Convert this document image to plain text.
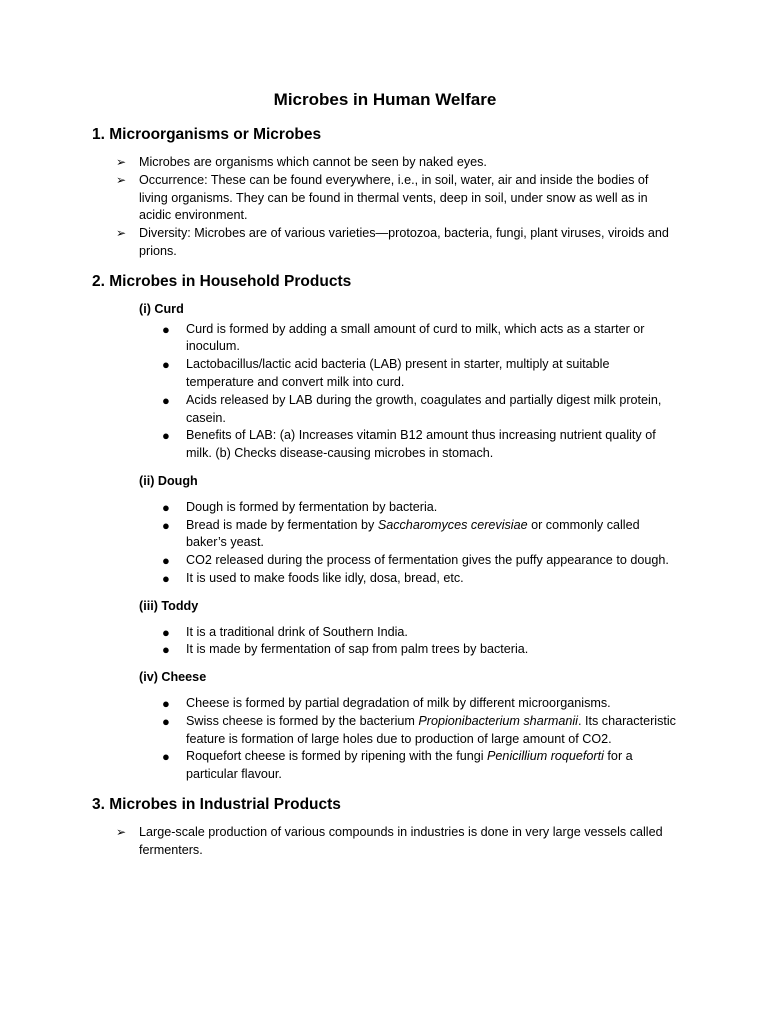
Microbes in Human Welfare
1. Microorganisms or Microbes
➢ Microbes are organisms which cannot be seen by naked eyes.
➢ Occurrence: These can be found everywhere, i.e., in soil, water, air and inside the bodies of living organisms. They can be found in thermal vents, deep in soil, under snow as well as in acidic environment.
➢ Diversity: Microbes are of various varieties—protozoa, bacteria, fungi, plant viruses, viroids and prions.
2. Microbes in Household Products
(i) Curd
● Curd is formed by adding a small amount of curd to milk, which acts as a starter or inoculum.
● Lactobacillus/lactic acid bacteria (LAB) present in starter, multiply at suitable temperature and convert milk into curd.
● Acids released by LAB during the growth, coagulates and partially digest milk protein, casein.
● Benefits of LAB: (a) Increases vitamin B12 amount thus increasing nutrient quality of milk. (b) Checks disease-causing microbes in stomach.
(ii) Dough
● Dough is formed by fermentation by bacteria.
● Bread is made by fermentation by Saccharomyces cerevisiae or commonly called baker’s yeast.
● CO2 released during the process of fermentation gives the puffy appearance to dough.
● It is used to make foods like idly, dosa, bread, etc.
(iii) Toddy
● It is a traditional drink of Southern India.
● It is made by fermentation of sap from palm trees by bacteria.
(iv) Cheese
● Cheese is formed by partial degradation of milk by different microorganisms.
● Swiss cheese is formed by the bacterium Propionibacterium sharmanii. Its characteristic feature is formation of large holes due to production of large amount of CO2.
● Roquefort cheese is formed by ripening with the fungi Penicillium roqueforti for a particular flavour.
3. Microbes in Industrial Products
➢ Large-scale production of various compounds in industries is done in very large vessels called fermenters.
